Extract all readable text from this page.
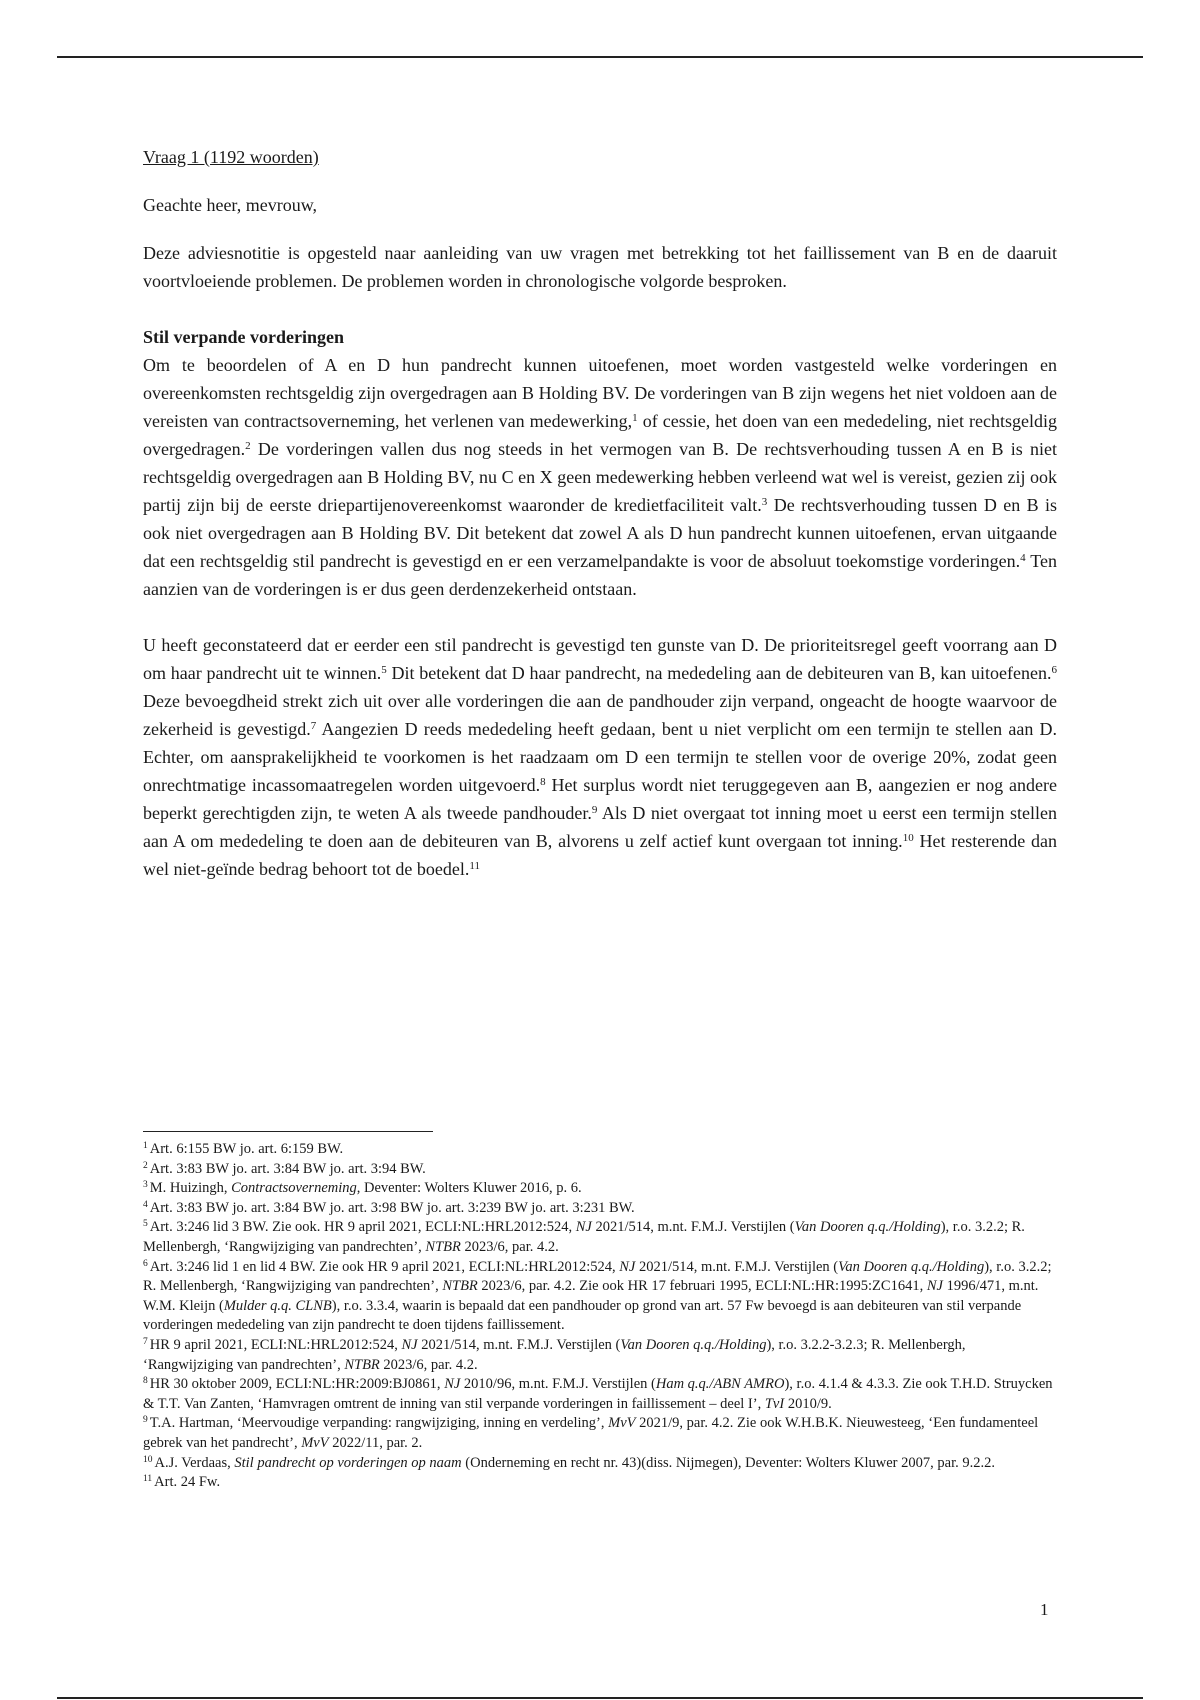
Vraag 1 (1192 woorden)

Geachte heer, mevrouw,

Deze adviesnotitie is opgesteld naar aanleiding van uw vragen met betrekking tot het faillissement van B en de daaruit voortvloeiende problemen. De problemen worden in chronologische volgorde besproken.

Stil verpande vorderingen

Om te beoordelen of A en D hun pandrecht kunnen uitoefenen, moet worden vastgesteld welke vorderingen en overeenkomsten rechtsgeldig zijn overgedragen aan B Holding BV. De vorderingen van B zijn wegens het niet voldoen aan de vereisten van contractsoverneming, het verlenen van medewerking,$^1$ of cessie, het doen van een mededeling, niet rechtsgeldig overgedragen.$^2$ De vorderingen vallen dus nog steeds in het vermogen van B. De rechtsverhouding tussen A en B is niet rechtsgeldig overgedragen aan B Holding BV, nu C en X geen medewerking hebben verleend wat wel is vereist, gezien zij ook partij zijn bij de eerste driepartijenovereenkomst waaronder de kredietfaciliteit valt.$^3$ De rechtsverhouding tussen D en B is ook niet overgedragen aan B Holding BV. Dit betekent dat zowel A als D hun pandrecht kunnen uitoefenen, ervan uitgaande dat een rechtsgeldig stil pandrecht is gevestigd en er een verzamelpandakte is voor de absoluut toekomstige vorderingen.$^4$ Ten aanzien van de vorderingen is er dus geen derdenzekerheid ontstaan.

U heeft geconstateerd dat er eerder een stil pandrecht is gevestigd ten gunste van D. De prioriteitsregel geeft voorrang aan D om haar pandrecht uit te winnen.$^5$ Dit betekent dat D haar pandrecht, na mededeling aan de debiteuren van B, kan uitoefenen.$^6$ Deze bevoegdheid strekt zich uit over alle vorderingen die aan de pandhouder zijn verpand, ongeacht de hoogte waarvoor de zekerheid is gevestigd.$^7$ Aangezien D reeds mededeling heeft gedaan, bent u niet verplicht om een termijn te stellen aan D. Echter, om aansprakelijkheid te voorkomen is het raadzaam om D een termijn te stellen voor de overige 20%, zodat geen onrechtmatige incassomaatregelen worden uitgevoerd.$^8$ Het surplus wordt niet teruggegeven aan B, aangezien er nog andere beperkt gerechtigden zijn, te weten A als tweede pandhouder.$^9$ Als D niet overgaat tot inning moet u eerst een termijn stellen aan A om mededeling te doen aan de debiteuren van B, alvorens u zelf actief kunt overgaan tot inning.$^{10}$ Het resterende dan wel niet-geïnde bedrag behoort tot de boedel.$^{11}$

$^1$ Art. 6:155 BW jo. art. 6:159 BW.

$^2$ Art. 3:83 BW jo. art. 3:84 BW jo. art. 3:94 BW.

$^3$ M. Huizingh, Contractsoverneming, Deventer: Wolters Kluwer 2016, p. 6.

$^4$ Art. 3:83 BW jo. art. 3:84 BW jo. art. 3:98 BW jo. art. 3:239 BW jo. art. 3:231 BW.

$^5$ Art. 3:246 lid 3 BW. Zie ook. HR 9 april 2021, ECLI:NL:HRL2012:524, NJ 2021/514, m.nt. F.M.J. Verstijlen (Van Dooren q.q./Holding), r.o. 3.2.2; R. Mellenbergh, ‘Rangwijziging van pandrechten’, NTBR 2023/6, par. 4.2.

$^6$ Art. 3:246 lid 1 en lid 4 BW. Zie ook HR 9 april 2021, ECLI:NL:HRL2012:524, NJ 2021/514, m.nt. F.M.J. Verstijlen (Van Dooren q.q./Holding), r.o. 3.2.2; R. Mellenbergh, ‘Rangwijziging van pandrechten’, NTBR 2023/6, par. 4.2. Zie ook HR 17 februari 1995, ECLI:NL:HR:1995:ZC1641, NJ 1996/471, m.nt. W.M. Kleijn (Mulder q.q. CLNB), r.o. 3.3.4, waarin is bepaald dat een pandhouder op grond van art. 57 Fw bevoegd is aan debiteuren van stil verpande vorderingen mededeling van zijn pandrecht te doen tijdens faillissement.

$^7$ HR 9 april 2021, ECLI:NL:HRL2012:524, NJ 2021/514, m.nt. F.M.J. Verstijlen (Van Dooren q.q./Holding), r.o. 3.2.2-3.2.3; R. Mellenbergh, ‘Rangwijziging van pandrechten’, NTBR 2023/6, par. 4.2.

$^8$ HR 30 oktober 2009, ECLI:NL:HR:2009:BJ0861, NJ 2010/96, m.nt. F.M.J. Verstijlen (Ham q.q./ABN AMRO), r.o. 4.1.4 & 4.3.3. Zie ook T.H.D. Struycken & T.T. Van Zanten, ‘Hamvragen omtrent de inning van stil verpande vorderingen in faillissement – deel I’, TvI 2010/9.

$^9$ T.A. Hartman, ‘Meervoudige verpanding: rangwijziging, inning en verdeling’, MvV 2021/9, par. 4.2. Zie ook W.H.B.K. Nieuwesteeg, ‘Een fundamenteel gebrek van het pandrecht’, MvV 2022/11, par. 2.

$^{10}$ A.J. Verdaas, Stil pandrecht op vorderingen op naam (Onderneming en recht nr. 43)(diss. Nijmegen), Deventer: Wolters Kluwer 2007, par. 9.2.2.

$^{11}$ Art. 24 Fw.

1
